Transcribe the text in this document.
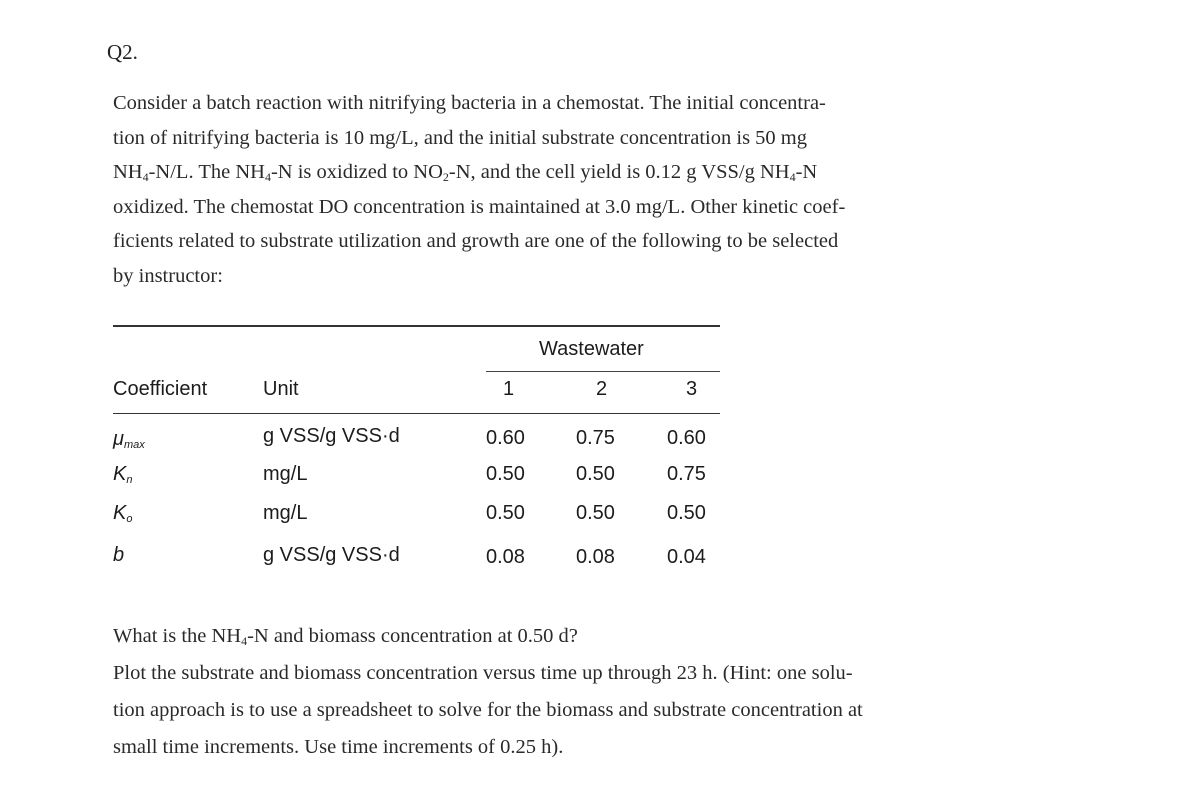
Q2.
Consider a batch reaction with nitrifying bacteria in a chemostat. The initial concentra-
tion of nitrifying bacteria is 10 mg/L, and the initial substrate concentration is 50 mg
$NH_4-N/L$. The $NH_4-N$ is oxidized to $NO_2-N$, and the cell yield is 0.12 g VSS/g $NH_4-N$
oxidized. The chemostat DO concentration is maintained at 3.0 mg/L. Other kinetic coef-
ficients related to substrate utilization and growth are one of the following to be selected
by instructor:
Wastewater
Coefficient	Unit	1	2	3
$\mu_{max}$	g VSS/g VSS·d	0.60	0.75	0.60
$K_n$	mg/L	0.50	0.50	0.75
$K_o$	mg/L	0.50	0.50	0.50
b	g VSS/g VSS·d	0.08	0.08	0.04
What is the $NH_4-N$ and biomass concentration at 0.50 d?
Plot the substrate and biomass concentration versus time up through 23 h. (Hint: one solu-
tion approach is to use a spreadsheet to solve for the biomass and substrate concentration at
small time increments. Use time increments of 0.25 h).
